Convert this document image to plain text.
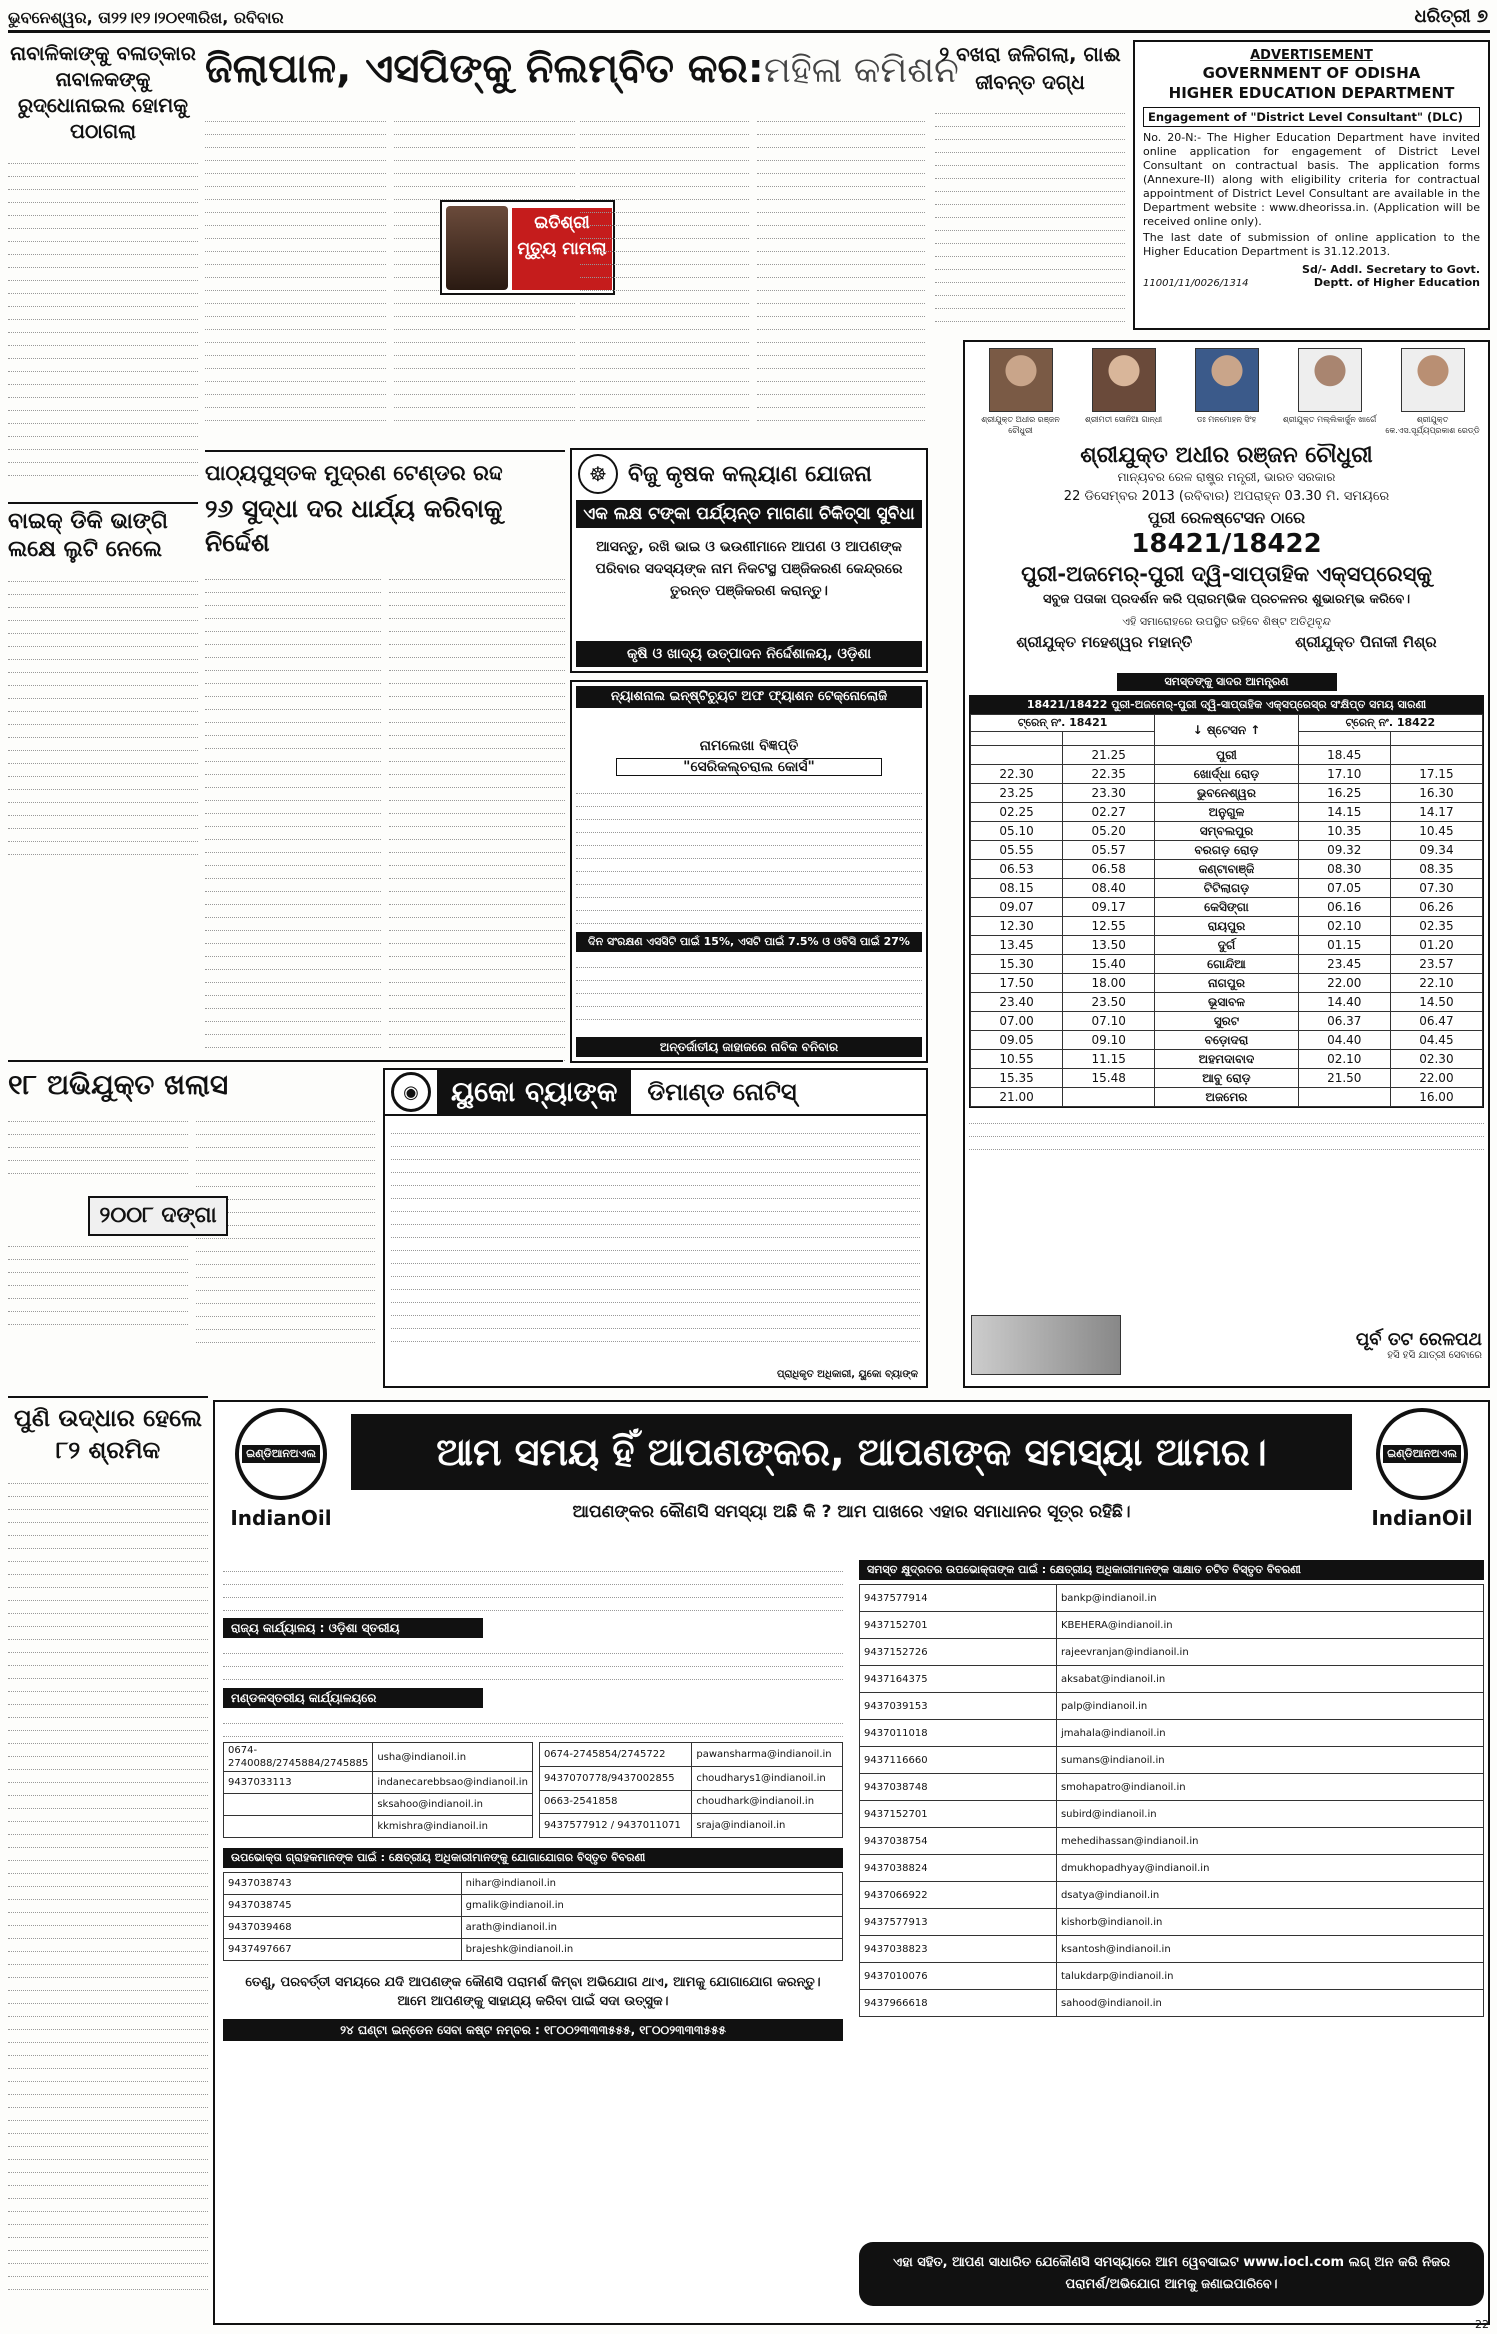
ଭୁବନେଶ୍ୱର, ତା୨୨।୧୨।୨୦୧୩ରିଖ, ରବିବାର	ଧରିତ୍ରୀ ୭
ନାବାଳିକାଙ୍କୁ ବଳାତ୍କାର ନାବାଳକଙ୍କୁ ରୁଦ୍ଧୋନାଇଲ ହୋମକୁ ପଠାଗଲା
ବାଇକ୍ ଡିକି ଭାଙ୍ଗି ଲକ୍ଷେ ଲୁଟି ନେଲେ
ଜିଲାପାଳ, ଏସପିଙ୍କୁ ନିଲମ୍ବିତ କର:ମହିଳା କମିଶନ
ଇତିଶ୍ରୀ ମୃତ୍ୟୁ ମାମଲା
୨ ବଖରା ଜଳିଗଲା, ଗାଈ ଜୀବନ୍ତ ଦଗ୍ଧ
ADVERTISEMENT
GOVERNMENT OF ODISHA
HIGHER EDUCATION DEPARTMENT
Engagement of "District Level Consultant" (DLC)
No. 20-N:- The Higher Education Department have invited online application for engagement of District Level Consultant on contractual basis. The application forms (Annexure-II) along with eligibility criteria for contractual appointment of District Level Consultant are available in the Department website : www.dheorissa.in. (Application will be received online only).
The last date of submission of online application to the Higher Education Department is 31.12.2013.
11001/11/0026/1314
Sd/- Addl. Secretary to Govt.
Deptt. of Higher Education
ପାଠ୍ୟପୁସ୍ତକ ମୁଦ୍ରଣ ଟେଣ୍ଡର ରଦ୍ଦ
୨୬ ସୁଦ୍ଧା ଦର ଧାର୍ଯ୍ୟ କରିବାକୁ ନିର୍ଦ୍ଦେଶ
☸ ବିଜୁ କୃଷକ କଲ୍ୟାଣ ଯୋଜନା
ଏକ ଲକ୍ଷ ଟଙ୍କା ପର୍ଯ୍ୟନ୍ତ ମାଗଣା ଚିକିତ୍ସା ସୁବିଧା
ଆସନ୍ତୁ, ରଖି ଭାଇ ଓ ଭଉଣୀମାନେ ଆପଣ ଓ ଆପଣଙ୍କ ପରିବାର ସଦସ୍ୟଙ୍କ ନାମ ନିକଟସ୍ଥ ପଞ୍ଜିକରଣ କେନ୍ଦ୍ରରେ ତୁରନ୍ତ ପଞ୍ଜିକରଣ କରାନ୍ତୁ।
କୃଷି ଓ ଖାଦ୍ୟ ଉତ୍ପାଦନ ନିର୍ଦ୍ଦେଶାଳୟ, ଓଡ଼ିଶା
ନ୍ୟାଶନାଲ ଇନ୍‌ଷ୍ଟିଚ୍ୟୁଟ ଅଫ ଫ୍ୟାଶନ ଟେକ୍ନୋଲୋଜି
ନାମଲେଖା ବିଜ୍ଞପ୍ତି
"ସେରିକଲ୍‌ଚରାଲ କୋର୍ସ"
ଦିନ ସଂରକ୍ଷଣ ଏସସିଟି ପାଇଁ 15%, ଏସଟି ପାଇଁ 7.5% ଓ ଓବିସି ପାଇଁ 27%
ଅନ୍ତର୍ଜାତୀୟ ଜାହାଜରେ ନାବିକ ବନିବାର
୧୮ ଅଭିଯୁକ୍ତ ଖଲାସ
୨୦୦୮ ଦଙ୍ଗା
◉	ୟୁକୋ ବ୍ୟାଙ୍କ	ଡିମାଣ୍ଡ ନୋଟିସ୍
ପ୍ରାଧିକୃତ ଅଧିକାରୀ, ୟୁକୋ ବ୍ୟାଙ୍କ
ଶ୍ରୀଯୁକ୍ତ ଅଧୀର ରଞ୍ଜନ ଚୌଧୁରୀ
ଶ୍ରୀମତୀ ସୋନିଆ ଗାନ୍ଧୀ	ଡଃ ମନମୋହନ ସିଂହ	ଶ୍ରୀଯୁକ୍ତ ମଲ୍ଲିକାର୍ଜୁନ ଖାର୍ଗେ	ଶ୍ରୀଯୁକ୍ତ କେ.ଏସ.ସୂର୍ଯ୍ୟପ୍ରକାଶ ରେଡ୍ଡି
ଶ୍ରୀଯୁକ୍ତ ଅଧୀର ରଞ୍ଜନ ଚୌଧୁରୀ
ମାନ୍ୟବର ରେଳ ରାଷ୍ଟ୍ର ମନ୍ତ୍ରୀ, ଭାରତ ସରକାର
22 ଡିସେମ୍ବର 2013 (ରବିବାର) ଅପରାହ୍ନ 03.30 ମି. ସମୟରେ
ପୁରୀ ରେଳଷ୍ଟେସନ ଠାରେ
18421/18422
ପୁରୀ-ଅଜମେର୍-ପୁରୀ ଦ୍ୱି-ସାପ୍ତାହିକ ଏକ୍ସପ୍ରେସ୍‌କୁ
ସବୁଜ ପତାକା ପ୍ରଦର୍ଶନ କରି ପ୍ରାରମ୍ଭିକ ପ୍ରଚଳନର ଶୁଭାରମ୍ଭ କରିବେ।
ଏହି ସମାରୋହରେ ଉପସ୍ଥିତ ରହିବେ ଶିଷ୍ଟ ଅତିଥିବୃନ୍ଦ
ଶ୍ରୀଯୁକ୍ତ ମହେଶ୍ୱର ମହାନ୍ତି	ଶ୍ରୀଯୁକ୍ତ ପିନାକୀ ମିଶ୍ର
ସମସ୍ତଙ୍କୁ ସାଦର ଆମନ୍ତ୍ରଣ
18421/18422 ପୁରୀ-ଅଜମେର୍-ପୁରୀ ଦ୍ୱି-ସାପ୍ତାହିକ ଏକ୍ସପ୍ରେସ୍‌ର ସଂକ୍ଷିପ୍ତ ସମୟ ସାରଣୀ
ଟ୍ରେନ୍ ନଂ. 18421		↓ ଷ୍ଟେସନ ↑	ଟ୍ରେନ୍ ନଂ. 18422	

	21.25	ପୁରୀ	18.45	
22.30	22.35	ଖୋର୍ଦ୍ଧା ରୋଡ଼	17.10	17.15
23.25	23.30	ଭୁବନେଶ୍ୱର	16.25	16.30
02.25	02.27	ଅନୁଗୁଳ	14.15	14.17
05.10	05.20	ସମ୍ବଲପୁର	10.35	10.45
05.55	05.57	ବରଗଡ଼ ରୋଡ଼	09.32	09.34
06.53	06.58	କଣ୍ଟାବାଞ୍ଜି	08.30	08.35
08.15	08.40	ଟିଟିଲାଗଡ଼	07.05	07.30
09.07	09.17	କେସିଙ୍ଗା	06.16	06.26
12.30	12.55	ରାୟପୁର	02.10	02.35
13.45	13.50	ଦୁର୍ଗ	01.15	01.20
15.30	15.40	ଗୋନ୍ଦିଆ	23.45	23.57
17.50	18.00	ନାଗପୁର	22.00	22.10
23.40	23.50	ଭୂସାବଳ	14.40	14.50
07.00	07.10	ସୁରଟ	06.37	06.47
09.05	09.10	ବଡ଼ୋଦରା	04.40	04.45
10.55	11.15	ଅହମଦାବାଦ	02.10	02.30
15.35	15.48	ଆବୁ ରୋଡ଼	21.50	22.00
21.00		ଅଜମେର		16.00
ପୂର୍ବ ତଟ ରେଳପଥ
ହସି ହସି ଯାତ୍ରୀ ସେବାରେ
ପୁଣି ଉଦ୍ଧାର ହେଲେ ୮୨ ଶ୍ରମିକ	ଇଣ୍ଡିଆନଅଏଲ
IndianOil
ଇଣ୍ଡିଆନଅଏଲ
IndianOil
ଆମ ସମୟ ହିଁ ଆପଣଙ୍କର, ଆପଣଙ୍କ ସମସ୍ୟା ଆମର।
ଆପଣଙ୍କର କୌଣସି ସମସ୍ୟା ଅଛି କି ? ଆମ ପାଖରେ ଏହାର ସମାଧାନର ସୂତ୍ର ରହିଛି।
ରାଜ୍ୟ କାର୍ଯ୍ୟାଳୟ : ଓଡ଼ିଶା ସ୍ତରୀୟ
ମଣ୍ଡଳସ୍ତରୀୟ କାର୍ଯ୍ୟାଳୟରେ
0674-2740088/2745884/2745885	usha@indianoil.in
9437033113	indanecarebbsao@indianoil.in
	sksahoo@indianoil.in
	kkmishra@indianoil.in
0674-2745854/2745722	pawansharma@indianoil.in
9437070778/9437002855	choudharys1@indianoil.in
0663-2541858	choudhark@indianoil.in
9437577912 / 9437011071	sraja@indianoil.in
ଉପଭୋକ୍ତା ଗ୍ରାହକମାନଙ୍କ ପାଇଁ : କ୍ଷେତ୍ରୀୟ ଅଧିକାରୀମାନଙ୍କୁ ଯୋଗାଯୋଗର ବିସ୍ତୃତ ବିବରଣୀ
9437038743	nihar@indianoil.in
9437038745	gmalik@indianoil.in
9437039468	arath@indianoil.in
9437497667	brajeshk@indianoil.in
ତେଣୁ, ପରବର୍ତ୍ତୀ ସମୟରେ ଯଦି ଆପଣଙ୍କ କୌଣସି ପରାମର୍ଶ କିମ୍ବା ଅଭିଯୋଗ ଥାଏ, ଆମକୁ ଯୋଗାଯୋଗ କରନ୍ତୁ।
ଆମେ ଆପଣଙ୍କୁ ସାହାଯ୍ୟ କରିବା ପାଇଁ ସଦା ଉତ୍ସୁକ।
୨୪ ଘଣ୍ଟା ଇନ୍‌ଡେନ ସେବା କଷ୍ଟ ନମ୍ବର : ୧୮୦୦୨୩୩୩୫୫୫, ୧୮୦୦୨୩୩୩୫୫୫
ସମସ୍ତ କ୍ଷୁଦ୍ରତର ଉପଭୋକ୍ତାଙ୍କ ପାଇଁ : କ୍ଷେତ୍ରୀୟ ଅଧିକାରୀମାନଙ୍କ ସାକ୍ଷାତ ଚଟିତ ବିସ୍ତୃତ ବିବରଣୀ
9437577914	bankp@indianoil.in
9437152701	KBEHERA@indianoil.in
9437152726	rajeevranjan@indianoil.in
9437164375	aksabat@indianoil.in
9437039153	palp@indianoil.in
9437011018	jmahala@indianoil.in
9437116660	sumans@indianoil.in
9437038748	smohapatro@indianoil.in
9437152701	subird@indianoil.in
9437038754	mehedihassan@indianoil.in
9437038824	dmukhopadhyay@indianoil.in
9437066922	dsatya@indianoil.in
9437577913	kishorb@indianoil.in
9437038823	ksantosh@indianoil.in
9437010076	talukdarp@indianoil.in
9437966618	sahood@indianoil.in
ଏହା ସହିତ, ଆପଣ ସାଧାରିତ ଯେକୌଣସି ସମସ୍ୟାରେ ଆମ ୱେବସାଇଟ www.iocl.com ଲଗ୍ ଅନ କରି ନିଜର ପରାମର୍ଶ/ଅଭିଯୋଗ ଆମକୁ ଜଣାଇପାରିବେ।
22
